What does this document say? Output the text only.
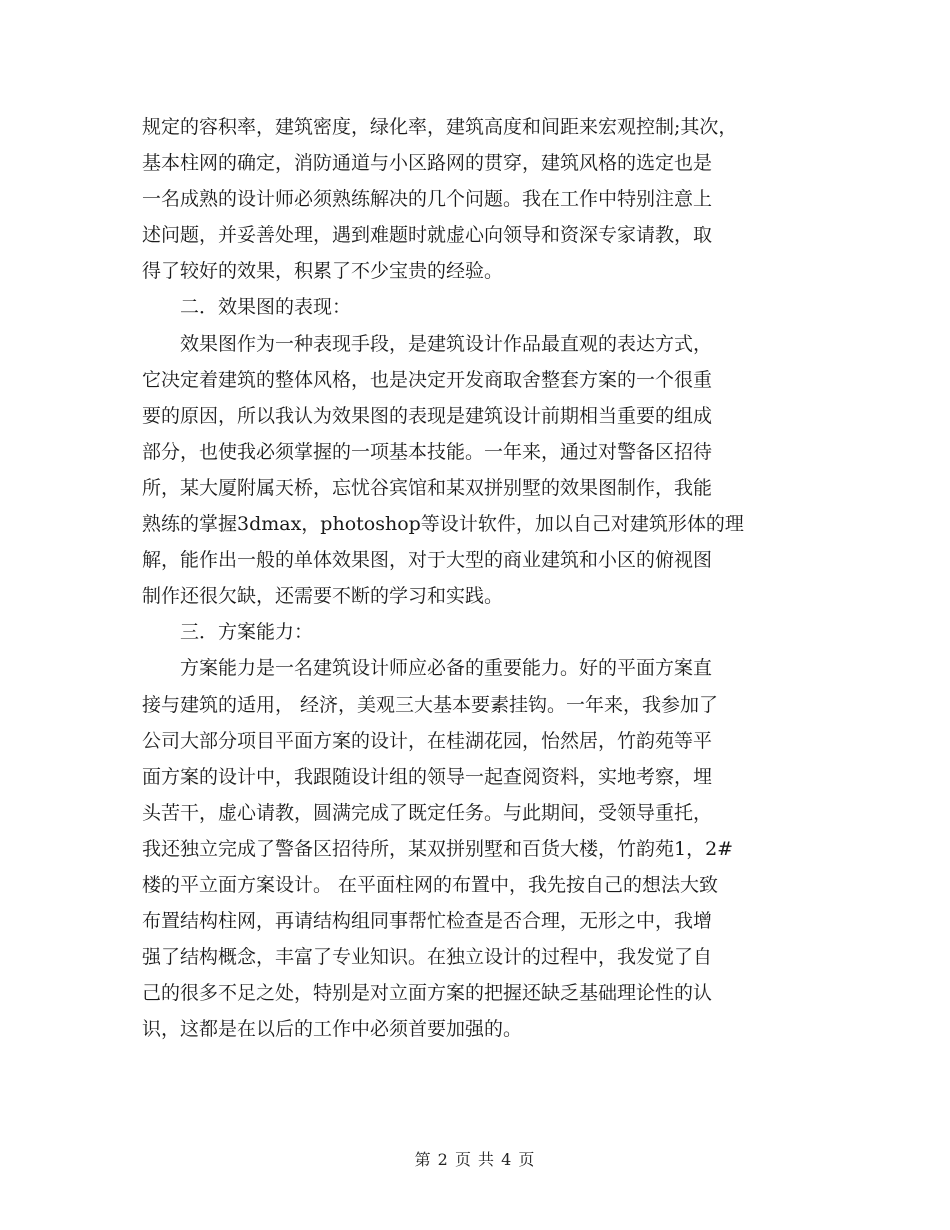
规定的容积率，建筑密度，绿化率，建筑高度和间距来宏观控制;其次，
基本柱网的确定，消防通道与小区路网的贯穿，建筑风格的选定也是
一名成熟的设计师必须熟练解决的几个问题。我在工作中特别注意上
述问题，并妥善处理，遇到难题时就虚心向领导和资深专家请教，取
得了较好的效果，积累了不少宝贵的经验。
　　二．效果图的表现：
　　效果图作为一种表现手段，是建筑设计作品最直观的表达方式，
它决定着建筑的整体风格，也是决定开发商取舍整套方案的一个很重
要的原因，所以我认为效果图的表现是建筑设计前期相当重要的组成
部分，也使我必须掌握的一项基本技能。一年来，通过对警备区招待
所，某大厦附属天桥，忘忧谷宾馆和某双拼别墅的效果图制作，我能
熟练的掌握3dmax，photoshop等设计软件，加以自己对建筑形体的理
解，能作出一般的单体效果图，对于大型的商业建筑和小区的俯视图
制作还很欠缺，还需要不断的学习和实践。
　　三．方案能力：
　　方案能力是一名建筑设计师应必备的重要能力。好的平面方案直
接与建筑的适用， 经济，美观三大基本要素挂钩。一年来，我参加了
公司大部分项目平面方案的设计，在桂湖花园，怡然居，竹韵苑等平
面方案的设计中，我跟随设计组的领导一起查阅资料，实地考察，埋
头苦干，虚心请教，圆满完成了既定任务。与此期间，受领导重托，
我还独立完成了警备区招待所，某双拼别墅和百货大楼，竹韵苑1，2#
楼的平立面方案设计。 在平面柱网的布置中，我先按自己的想法大致
布置结构柱网，再请结构组同事帮忙检查是否合理，无形之中，我增
强了结构概念，丰富了专业知识。在独立设计的过程中，我发觉了自
己的很多不足之处，特别是对立面方案的把握还缺乏基础理论性的认
识，这都是在以后的工作中必须首要加强的。
第 2 页 共 4 页
